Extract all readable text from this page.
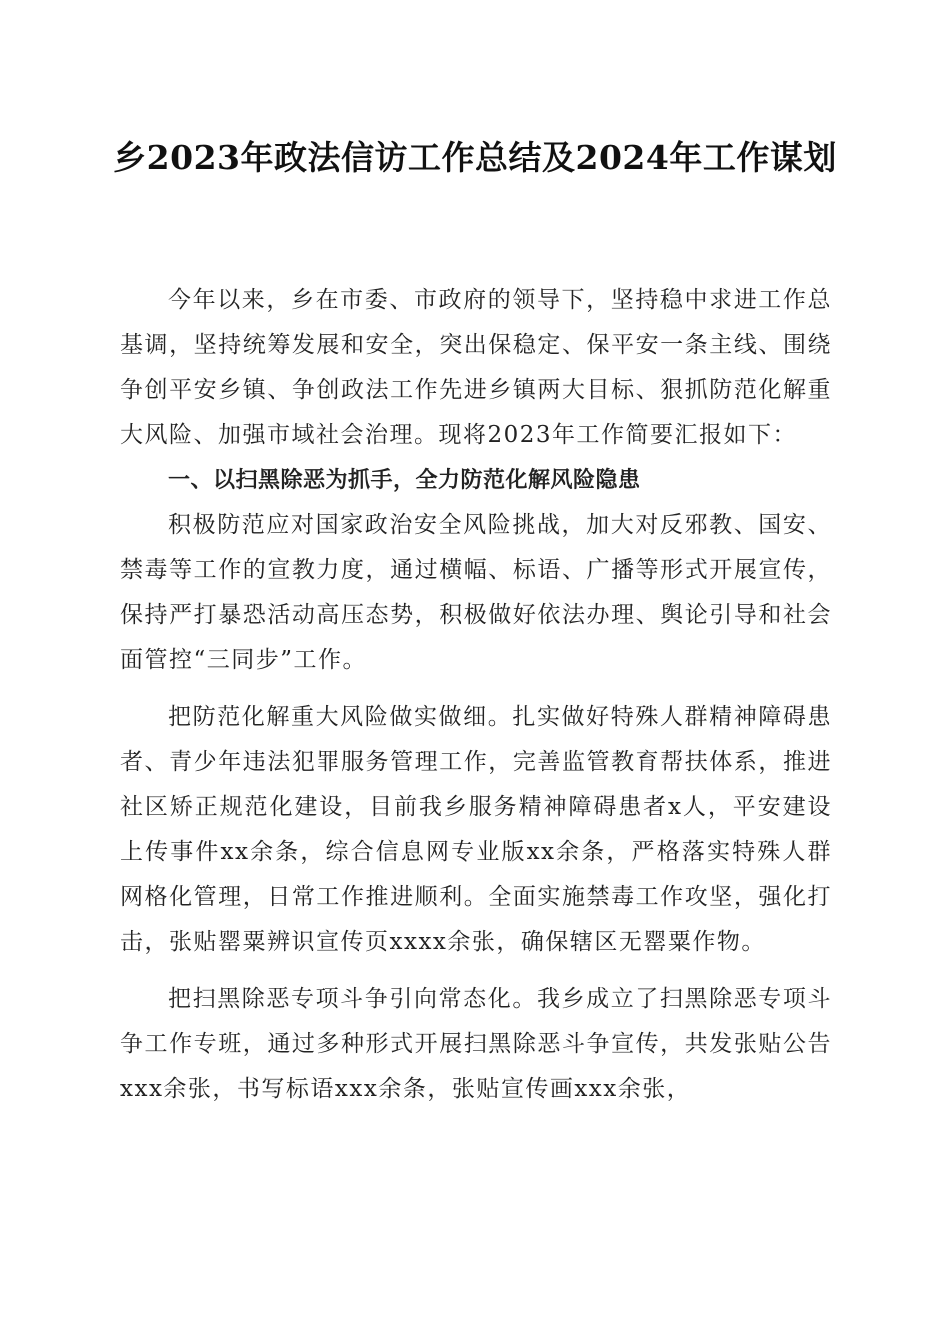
乡2023年政法信访工作总结及2024年工作谋划

今年以来，乡在市委、市政府的领导下，坚持稳中求进工作总基调，坚持统筹发展和安全，突出保稳定、保平安一条主线、围绕争创平安乡镇、争创政法工作先进乡镇两大目标、狠抓防范化解重大风险、加强市域社会治理。现将2023年工作简要汇报如下：

一、以扫黑除恶为抓手，全力防范化解风险隐患

积极防范应对国家政治安全风险挑战，加大对反邪教、国安、禁毒等工作的宣教力度，通过横幅、标语、广播等形式开展宣传，保持严打暴恐活动高压态势，积极做好依法办理、舆论引导和社会面管控“三同步”工作。

把防范化解重大风险做实做细。扎实做好特殊人群精神障碍患者、青少年违法犯罪服务管理工作，完善监管教育帮扶体系，推进社区矫正规范化建设，目前我乡服务精神障碍患者x人，平安建设上传事件xx余条，综合信息网专业版xx余条，严格落实特殊人群网格化管理，日常工作推进顺利。全面实施禁毒工作攻坚，强化打击，张贴罂粟辨识宣传页xxxx余张，确保辖区无罂粟作物。

把扫黑除恶专项斗争引向常态化。我乡成立了扫黑除恶专项斗争工作专班，通过多种形式开展扫黑除恶斗争宣传，共发张贴公告xxx余张，书写标语xxx余条，张贴宣传画xxx余张，
